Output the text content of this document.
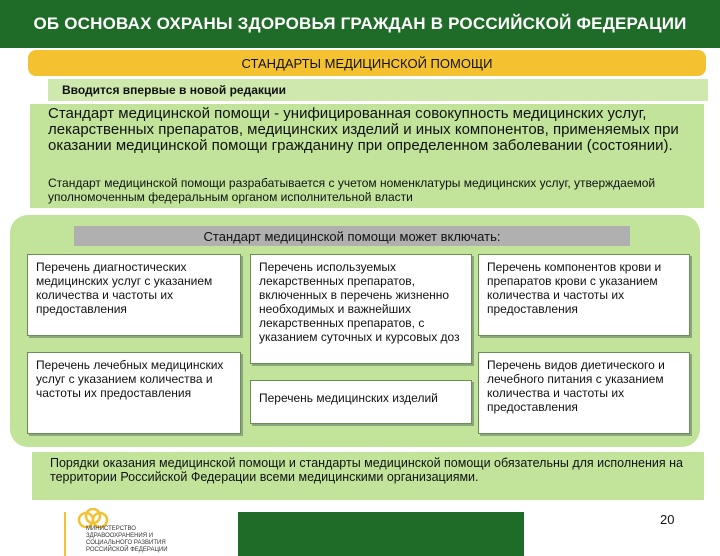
ОБ ОСНОВАХ ОХРАНЫ ЗДОРОВЬЯ ГРАЖДАН В РОССИЙСКОЙ ФЕДЕРАЦИИ
СТАНДАРТЫ МЕДИЦИНСКОЙ ПОМОЩИ
Вводится впервые в новой редакции
Стандарт медицинской помощи - унифицированная совокупность медицинских услуг, лекарственных препаратов, медицинских изделий и иных компонентов, применяемых при оказании медицинской помощи гражданину при определенном заболевании (состоянии).
Стандарт медицинской помощи разрабатывается с учетом номенклатуры медицинских услуг, утверждаемой уполномоченным федеральным органом исполнительной власти
Стандарт медицинской помощи может включать:
Перечень диагностических медицинских услуг с указанием количества и частоты их предоставления
Перечень лечебных медицинских услуг с указанием количества и частоты их предоставления
Перечень используемых лекарственных препаратов, включенных в перечень жизненно необходимых и важнейших лекарственных препаратов, с указанием суточных и курсовых доз
Перечень медицинских изделий
Перечень компонентов крови и препаратов крови с указанием количества и частоты их предоставления
Перечень видов диетического и лечебного питания с указанием количества и частоты их предоставления
Порядки оказания медицинской помощи и стандарты медицинской помощи обязательны для исполнения на территории Российской Федерации всеми медицинскими организациями.
МИНИСТЕРСТВО ЗДРАВООХРАНЕНИЯ И СОЦИАЛЬНОГО РАЗВИТИЯ РОССИЙСКОЙ ФЕДЕРАЦИИ
20
